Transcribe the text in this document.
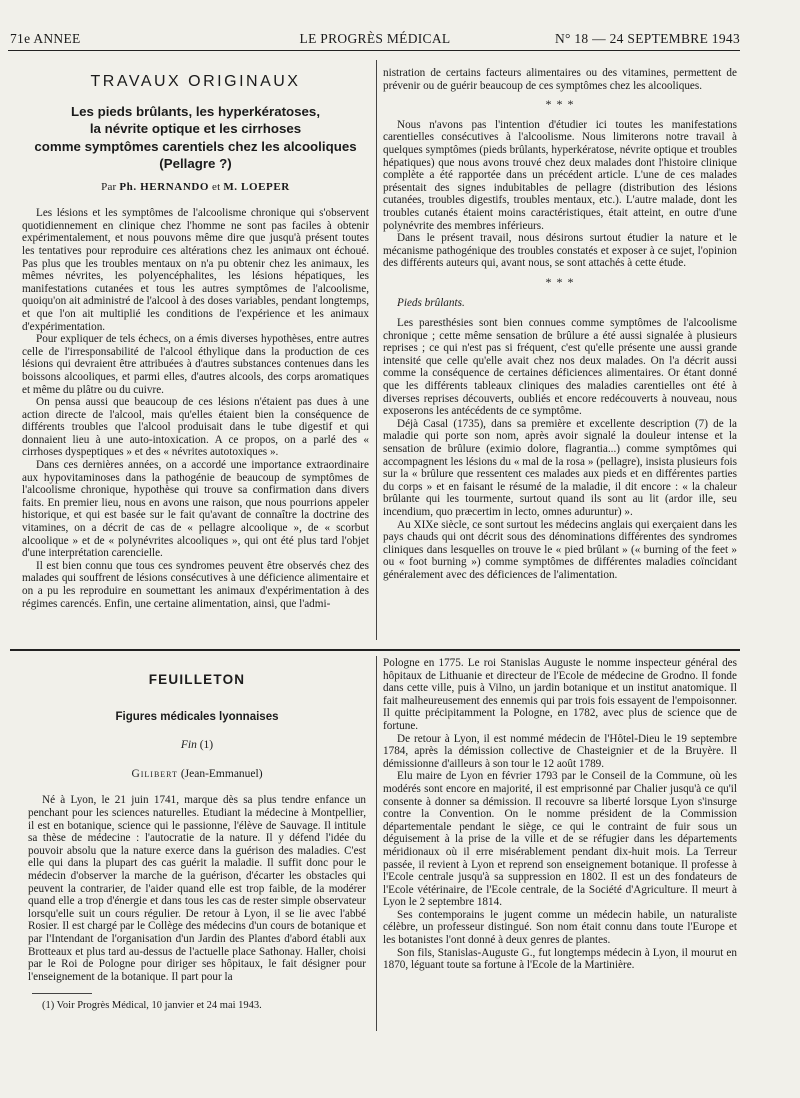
71e ANNEE	LE PROGRÈS MÉDICAL	N° 18 — 24 SEPTEMBRE 1943
TRAVAUX ORIGINAUX
Les pieds brûlants, les hyperkératoses,
la névrite optique et les cirrhoses
comme symptômes carentiels chez les alcooliques
(Pellagre ?)
Par Ph. HERNANDO et M. LOEPER

Les lésions et les symptômes de l'alcoolisme chronique qui s'observent quotidiennement en clinique chez l'homme ne sont pas faciles à obtenir expérimentalement, et nous pouvons même dire que jusqu'à présent toutes les tentatives pour reproduire ces altérations chez les animaux ont échoué. Pas plus que les troubles mentaux on n'a pu obtenir chez les animaux, les mêmes névrites, les polyencéphalites, les lésions hépatiques, les manifestations cutanées et tous les autres symptômes de l'alcoolisme, quoiqu'on ait administré de l'alcool à des doses variables, pendant longtemps, et que l'on ait multiplié les conditions de l'expérience et les animaux d'expérimentation.

Pour expliquer de tels échecs, on a émis diverses hypothèses, entre autres celle de l'irresponsabilité de l'alcool éthylique dans la production de ces lésions qui devraient être attribuées à d'autres substances contenues dans les boissons alcooliques, et parmi elles, d'autres alcools, des corps aromatiques et même du plâtre ou du cuivre.

On pensa aussi que beaucoup de ces lésions n'étaient pas dues à une action directe de l'alcool, mais qu'elles étaient bien la conséquence de différents troubles que l'alcool produisait dans le tube digestif et qui donnaient lieu à une auto-intoxication. A ce propos, on a parlé des « cirrhoses dyspeptiques » et des « névrites autotoxiques ».

Dans ces dernières années, on a accordé une importance extraordinaire aux hypovitaminoses dans la pathogénie de beaucoup de symptômes de l'alcoolisme chronique, hypothèse qui trouve sa confirmation dans divers faits. En premier lieu, nous en avons une raison, que nous pourrions appeler historique, et qui est basée sur le fait qu'avant de connaître la doctrine des vitamines, on a décrit de cas de « pellagre alcoolique », de « scorbut alcoolique » et de « polynévrites alcooliques », qui ont été plus tard l'objet d'une interprétation carencielle.

Il est bien connu que tous ces syndromes peuvent être observés chez des malades qui souffrent de lésions consécutives à une déficience alimentaire et on a pu les reproduire en soumettant les animaux d'expérimentation à des régimes carencés. Enfin, une certaine alimentation, ainsi, que l'admi-

nistration de certains facteurs alimentaires ou des vitamines, permettent de prévenir ou de guérir beaucoup de ces symptômes chez les alcooliques.

* * *

Nous n'avons pas l'intention d'étudier ici toutes les manifestations carentielles consécutives à l'alcoolisme. Nous limiterons notre travail à quelques symptômes (pieds brûlants, hyperkératose, névrite optique et troubles hépatiques) que nous avons trouvé chez deux malades dont l'histoire clinique complète a été rapportée dans un précédent article. L'une de ces malades présentait des signes indubitables de pellagre (distribution des lésions cutanées, troubles digestifs, troubles mentaux, etc.). L'autre malade, dont les troubles cutanés étaient moins caractéristiques, était atteint, en outre d'une polynévrite des membres inférieurs.

Dans le présent travail, nous désirons surtout étudier la nature et le mécanisme pathogénique des troubles constatés et exposer à ce sujet, l'opinion des différents auteurs qui, avant nous, se sont attachés à cette étude.

* * *
Pieds brûlants.

Les paresthésies sont bien connues comme symptômes de l'alcoolisme chronique ; cette même sensation de brûlure a été aussi signalée à plusieurs reprises ; ce qui n'est pas si fréquent, c'est qu'elle présente une aussi grande intensité que celle qu'elle avait chez nos deux malades. On l'a décrit aussi comme la conséquence de certaines déficiences alimentaires. Or étant donné que les différents tableaux cliniques des maladies carentielles ont été à diverses reprises découverts, oubliés et encore redécouverts à nouveau, nous exposerons les antécédents de ce symptôme.

Déjà Casal (1735), dans sa première et excellente description (7) de la maladie qui porte son nom, après avoir signalé la douleur intense et la sensation de brûlure (eximio dolore, flagrantia...) comme symptômes qui accompagnent les lésions du « mal de la rosa » (pellagre), insista plusieurs fois sur la « brûlure que ressentent ces malades aux pieds et en différentes parties du corps » et en faisant le résumé de la maladie, il dit encore : « la chaleur brûlante qui les tourmente, surtout quand ils sont au lit (ardor ille, seu incendium, quo præcertim in lecto, omnes aduruntur) ».

Au XIXe siècle, ce sont surtout les médecins anglais qui exerçaient dans les pays chauds qui ont décrit sous des dénominations différentes des syndromes cliniques dans lesquelles on trouve le « pied brûlant » (« burning of the feet » ou « foot burning ») comme symptômes de différentes maladies coïncidant généralement avec des déficiences de l'alimentation.

FEUILLETON
Figures médicales lyonnaises
Fin (1)
Gilibert (Jean-Emmanuel)

Né à Lyon, le 21 juin 1741, marque dès sa plus tendre enfance un penchant pour les sciences naturelles. Etudiant la médecine à Montpellier, il est en botanique, science qui le passionne, l'élève de Sauvage. Il intitule sa thèse de médecine : l'autocratie de la nature. Il y défend l'idée du pouvoir absolu que la nature exerce dans la guérison des maladies. C'est elle qui dans la plupart des cas guérit la maladie. Il suffit donc pour le médecin d'observer la marche de la guérison, d'écarter les obstacles qui peuvent la contrarier, de l'aider quand elle est trop faible, de la modérer quand elle a trop d'énergie et dans tous les cas de rester simple observateur lorsqu'elle suit un cours régulier. De retour à Lyon, il se lie avec l'abbé Rosier. Il est chargé par le Collège des médecins d'un cours de botanique et par l'Intendant de l'organisation d'un Jardin des Plantes d'abord établi aux Brotteaux et plus tard au-dessus de l'actuelle place Sathonay. Haller, choisi par le Roi de Pologne pour diriger ses hôpitaux, le fait désigner pour l'enseignement de la botanique. Il part pour la

(1) Voir Progrès Médical, 10 janvier et 24 mai 1943.

Pologne en 1775. Le roi Stanislas Auguste le nomme inspecteur général des hôpitaux de Lithuanie et directeur de l'Ecole de médecine de Grodno. Il fonde dans cette ville, puis à Vilno, un jardin botanique et un institut anatomique. Il fait malheureusement des ennemis qui par trois fois essayent de l'empoisonner. Il quitte précipitamment la Pologne, en 1782, avec plus de science que de fortune.

De retour à Lyon, il est nommé médecin de l'Hôtel-Dieu le 19 septembre 1784, après la démission collective de Chasteignier et de la Bruyère. Il démissionne d'ailleurs à son tour le 12 août 1789.

Elu maire de Lyon en février 1793 par le Conseil de la Commune, où les modérés sont encore en majorité, il est emprisonné par Chalier jusqu'à ce qu'il consente à donner sa démission. Il recouvre sa liberté lorsque Lyon s'insurge contre la Convention. On le nomme président de la Commission départementale pendant le siège, ce qui le contraint de fuir sous un déguisement à la prise de la ville et de se réfugier dans les départements méridionaux où il erre misérablement pendant dix-huit mois. La Terreur passée, il revient à Lyon et reprend son enseignement botanique. Il professe à l'Ecole centrale jusqu'à sa suppression en 1802. Il est un des fondateurs de l'Ecole vétérinaire, de l'Ecole centrale, de la Société d'Agriculture. Il meurt à Lyon le 2 septembre 1814.

Ses contemporains le jugent comme un médecin habile, un naturaliste célèbre, un professeur distingué. Son nom était connu dans toute l'Europe et les botanistes l'ont donné à deux genres de plantes.

Son fils, Stanislas-Auguste G., fut longtemps médecin à Lyon, il mourut en 1870, léguant toute sa fortune à l'Ecole de la Martinière.
